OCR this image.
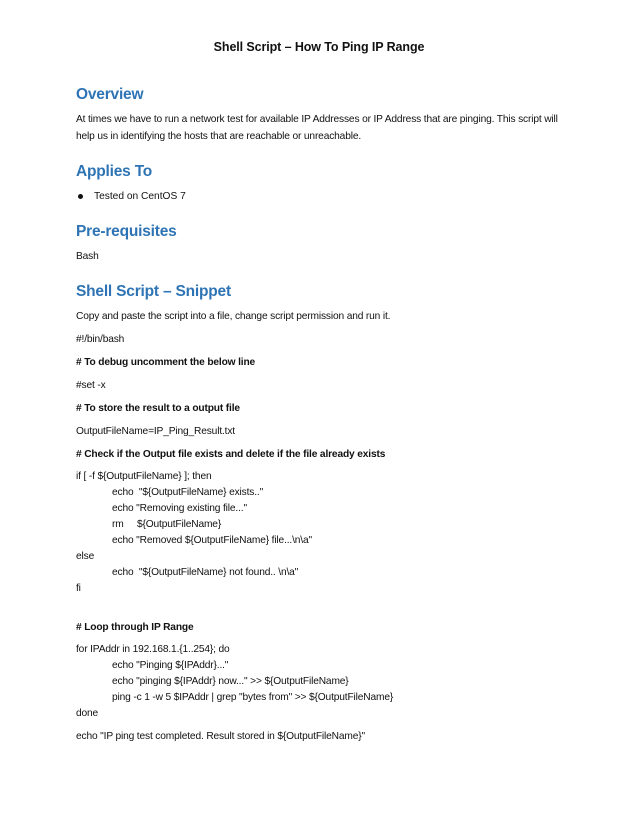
Shell Script – How To Ping IP Range
Overview

At times we have to run a network test for available IP Addresses or IP Address that are pinging. This script will help us in identifying the hosts that are reachable or unreachable.

Applies To
Tested on CentOS 7
Pre-requisites

Bash

Shell Script – Snippet

Copy and paste the script into a file, change script permission and run it.

#!/bin/bash

# To debug uncomment the below line

#set -x

# To store the result to a output file

OutputFileName=IP_Ping_Result.txt

# Check if the Output file exists and delete if the file already exists

if [ -f ${OutputFileName} ]; then
echo  "${OutputFileName} exists.."
echo "Removing existing file..."
rm     ${OutputFileName}
echo "Removed ${OutputFileName} file...\n\a"
else
echo  "${OutputFileName} not found.. \n\a"
fi

# Loop through IP Range

for IPAddr in 192.168.1.{1..254}; do
echo "Pinging ${IPAddr}..."
echo "pinging ${IPAddr} now..." >> ${OutputFileName}
ping -c 1 -w 5 $IPAddr | grep "bytes from" >> ${OutputFileName}
done

echo "IP ping test completed. Result stored in ${OutputFileName}"
